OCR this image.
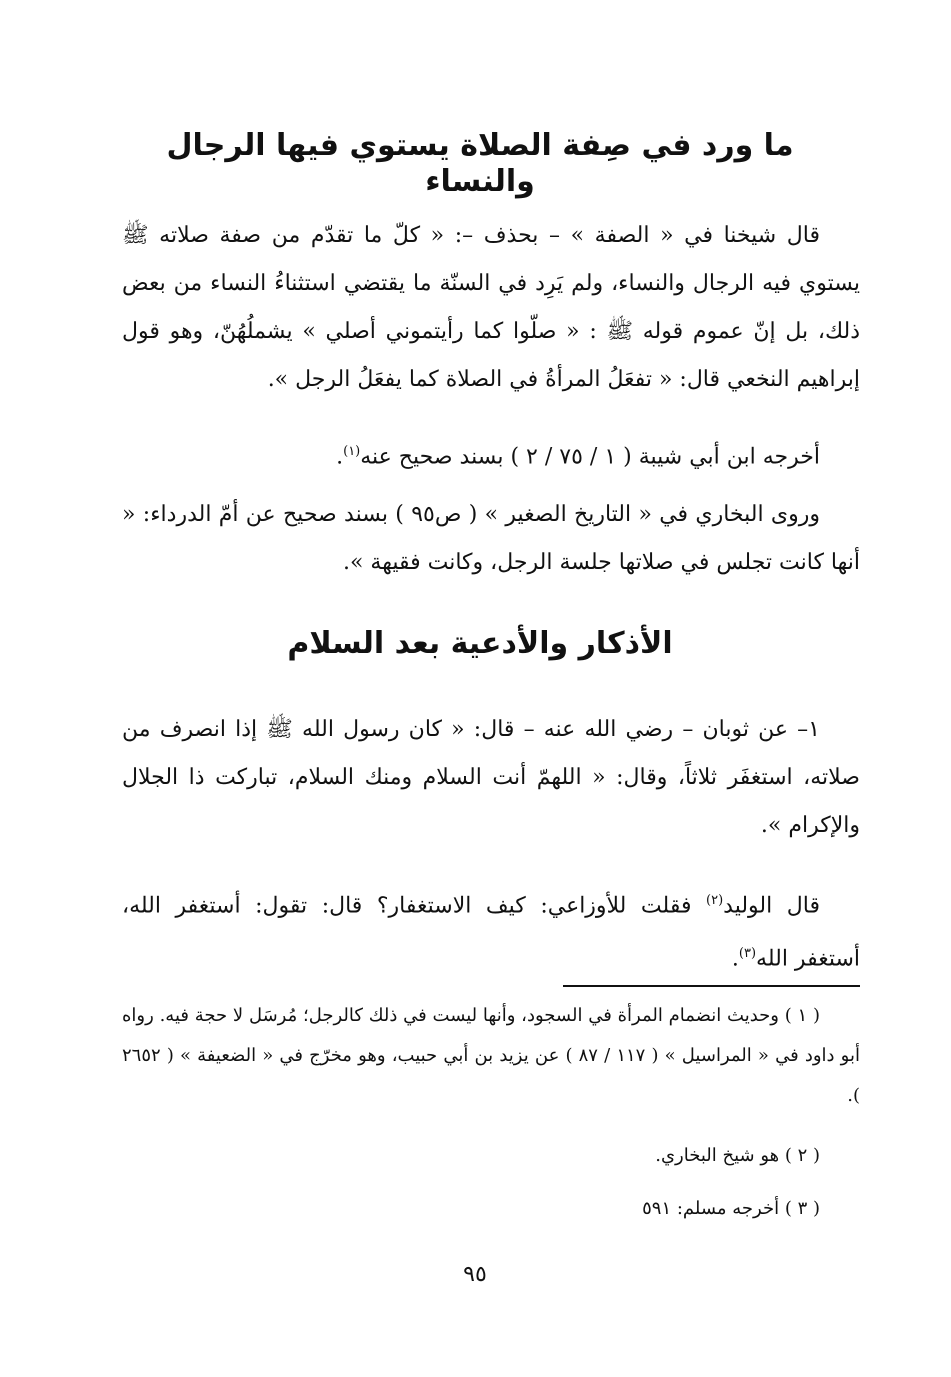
ما ورد في صِفة الصلاة يستوي فيها الرجال والنساء
قال شيخنا في « الصفة » – بحذف –: « كلّ ما تقدّم من صفة صلاته ﷺ يستوي فيه الرجال والنساء، ولم يَرِد في السنّة ما يقتضي استثناءُ النساء من بعض ذلك، بل إنّ عموم قوله ﷺ : « صلّوا كما رأيتموني أصلي » يشملُهُنّ، وهو قول إبراهيم النخعي قال: « تفعَلُ المرأةُ في الصلاة كما يفعَلُ الرجل ».
أخرجه ابن أبي شيبة ( ١ / ٧٥ / ٢ ) بسند صحيح عنه$^{(١)}$.
وروى البخاري في « التاريخ الصغير » ( ص٩٥ ) بسند صحيح عن أمّ الدرداء: « أنها كانت تجلس في صلاتها جلسة الرجل، وكانت فقيهة ».
الأذكار والأدعية بعد السلام
١– عن ثوبان – رضي الله عنه – قال: « كان رسول الله ﷺ إذا انصرف من صلاته، استغفَر ثلاثاً، وقال: « اللهمّ أنت السلام ومنك السلام، تباركت ذا الجلال والإكرام ».
قال الوليد$^{(٢)}$ فقلت للأوزاعي: كيف الاستغفار؟ قال: تقول: أستغفر الله، أستغفر الله$^{(٣)}$.
( ١ ) وحديث انضمام المرأة في السجود، وأنها ليست في ذلك كالرجل؛ مُرسَل لا حجة فيه. رواه أبو داود في « المراسيل » ( ١١٧ / ٨٧ ) عن يزيد بن أبي حبيب، وهو مخرّج في « الضعيفة » ( ٢٦٥٢ ).
( ٢ ) هو شيخ البخاري.
( ٣ ) أخرجه مسلم: ٥٩١
٩٥
